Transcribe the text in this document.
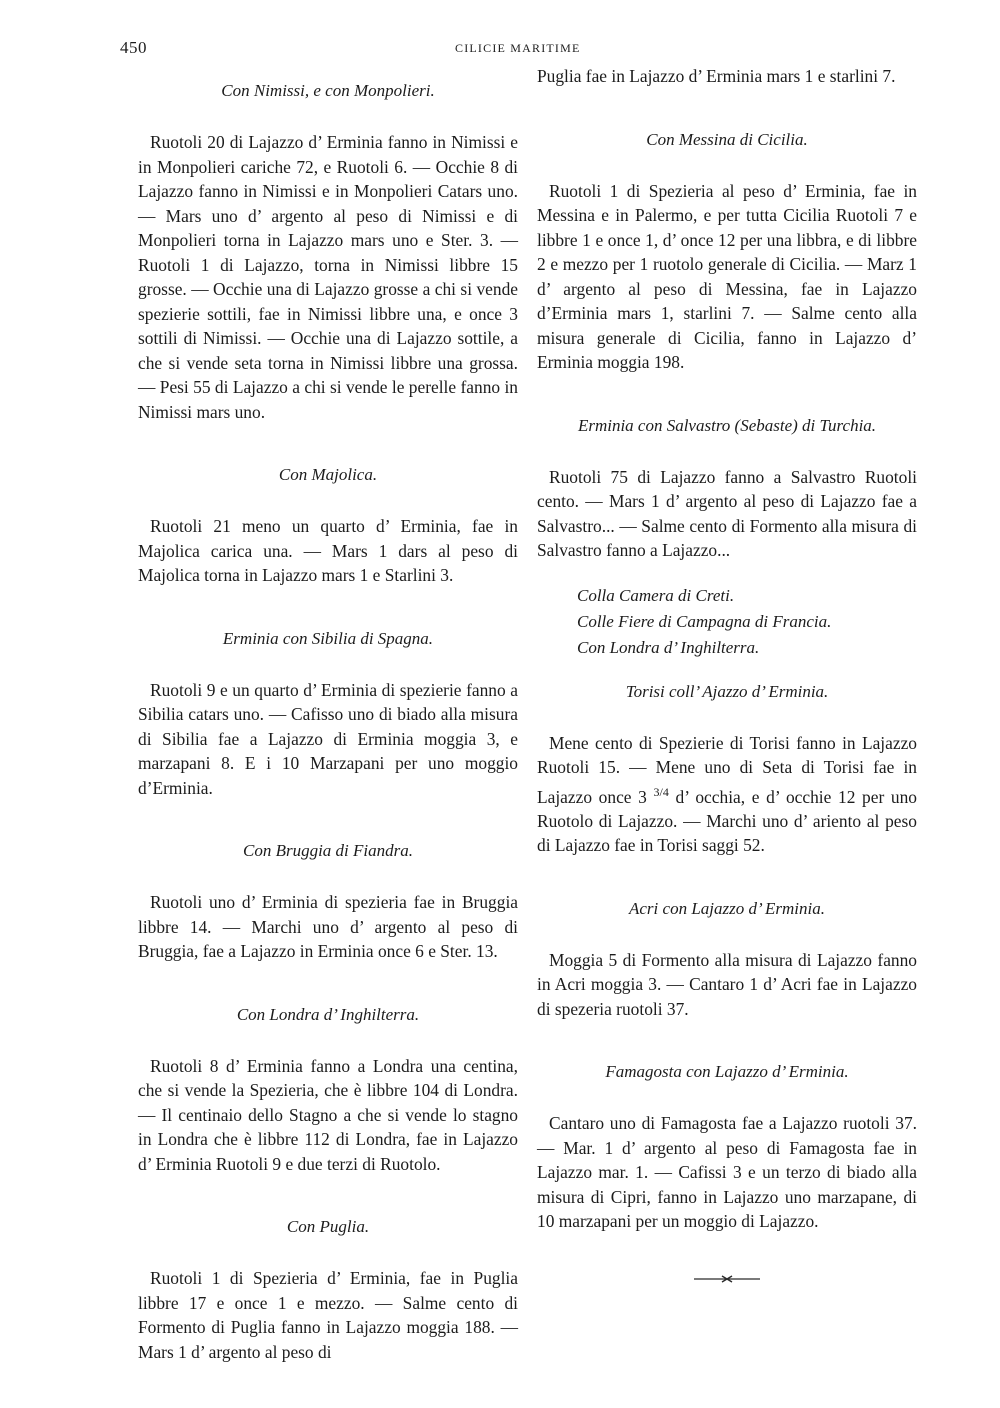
450	CILICIE MARITIME
Con Nimissi, e con Monpolieri.

Ruotoli 20 di Lajazzo d’ Erminia fanno in Nimissi e in Monpolieri cariche 72, e Ruotoli 6. — Occhie 8 di Lajazzo fanno in Nimissi e in Monpolieri Catars uno. — Mars uno d’ argento al peso di Nimissi e di Monpolieri torna in Lajazzo mars uno e Ster. 3. — Ruotoli 1 di Lajazzo, torna in Nimissi libbre 15 grosse. — Occhie una di Lajazzo grosse a chi si vende spezierie sottili, fae in Nimissi libbre una, e once 3 sottili di Nimissi. — Occhie una di Lajazzo sottile, a che si vende seta torna in Nimissi libbre una grossa. — Pesi 55 di Lajazzo a chi si vende le perelle fanno in Nimissi mars uno.

Con Majolica.

Ruotoli 21 meno un quarto d’ Erminia, fae in Majolica carica una. — Mars 1 dars al peso di Majolica torna in Lajazzo mars 1 e Starlini 3.

Erminia con Sibilia di Spagna.

Ruotoli 9 e un quarto d’ Erminia di spezierie fanno a Sibilia catars uno. — Cafisso uno di biado alla misura di Sibilia fae a Lajazzo di Erminia moggia 3, e marzapani 8. E i 10 Marzapani per uno moggio d’Erminia.

Con Bruggia di Fiandra.

Ruotoli uno d’ Erminia di spezieria fae in Bruggia libbre 14. — Marchi uno d’ argento al peso di Bruggia, fae a Lajazzo in Erminia once 6 e Ster. 13.

Con Londra d’ Inghilterra.

Ruotoli 8 d’ Erminia fanno a Londra una centina, che si vende la Spezieria, che è libbre 104 di Londra. — Il centinaio dello Stagno a che si vende lo stagno in Londra che è libbre 112 di Londra, fae in Lajazzo d’ Erminia Ruotoli 9 e due terzi di Ruotolo.

Con Puglia.

Ruotoli 1 di Spezieria d’ Erminia, fae in Puglia libbre 17 e once 1 e mezzo. — Salme cento di Formento di Puglia fanno in Lajazzo moggia 188. — Mars 1 d’ argento al peso di

Puglia fae in Lajazzo d’ Erminia mars 1 e starlini 7.

Con Messina di Cicilia.

Ruotoli 1 di Spezieria al peso d’ Erminia, fae in Messina e in Palermo, e per tutta Cicilia Ruotoli 7 e libbre 1 e once 1, d’ once 12 per una libbra, e di libbre 2 e mezzo per 1 ruotolo generale di Cicilia. — Marz 1 d’ argento al peso di Messina, fae in Lajazzo d’Erminia mars 1, starlini 7. — Salme cento alla misura generale di Cicilia, fanno in Lajazzo d’ Erminia moggia 198.

Erminia con Salvastro (Sebaste) di Turchia.

Ruotoli 75 di Lajazzo fanno a Salvastro Ruotoli cento. — Mars 1 d’ argento al peso di Lajazzo fae a Salvastro... — Salme cento di Formento alla misura di Salvastro fanno a Lajazzo...

Colla Camera di Creti.
Colle Fiere di Campagna di Francia.
Con Londra d’ Inghilterra.
Torisi coll’ Ajazzo d’ Erminia.

Mene cento di Spezierie di Torisi fanno in Lajazzo Ruotoli 15. — Mene uno di Seta di Torisi fae in Lajazzo once 3 $^{3/4}$ d’ occhia, e d’ occhie 12 per uno Ruotolo di Lajazzo. — Marchi uno d’ ariento al peso di Lajazzo fae in Torisi saggi 52.

Acri con Lajazzo d’ Erminia.

Moggia 5 di Formento alla misura di Lajazzo fanno in Acri moggia 3. — Cantaro 1 d’ Acri fae in Lajazzo di spezeria ruotoli 37.

Famagosta con Lajazzo d’ Erminia.

Cantaro uno di Famagosta fae a Lajazzo ruotoli 37. — Mar. 1 d’ argento al peso di Famagosta fae in Lajazzo mar. 1. — Cafissi 3 e un terzo di biado alla misura di Cipri, fanno in Lajazzo uno marzapane, di 10 marzapani per un moggio di Lajazzo.
